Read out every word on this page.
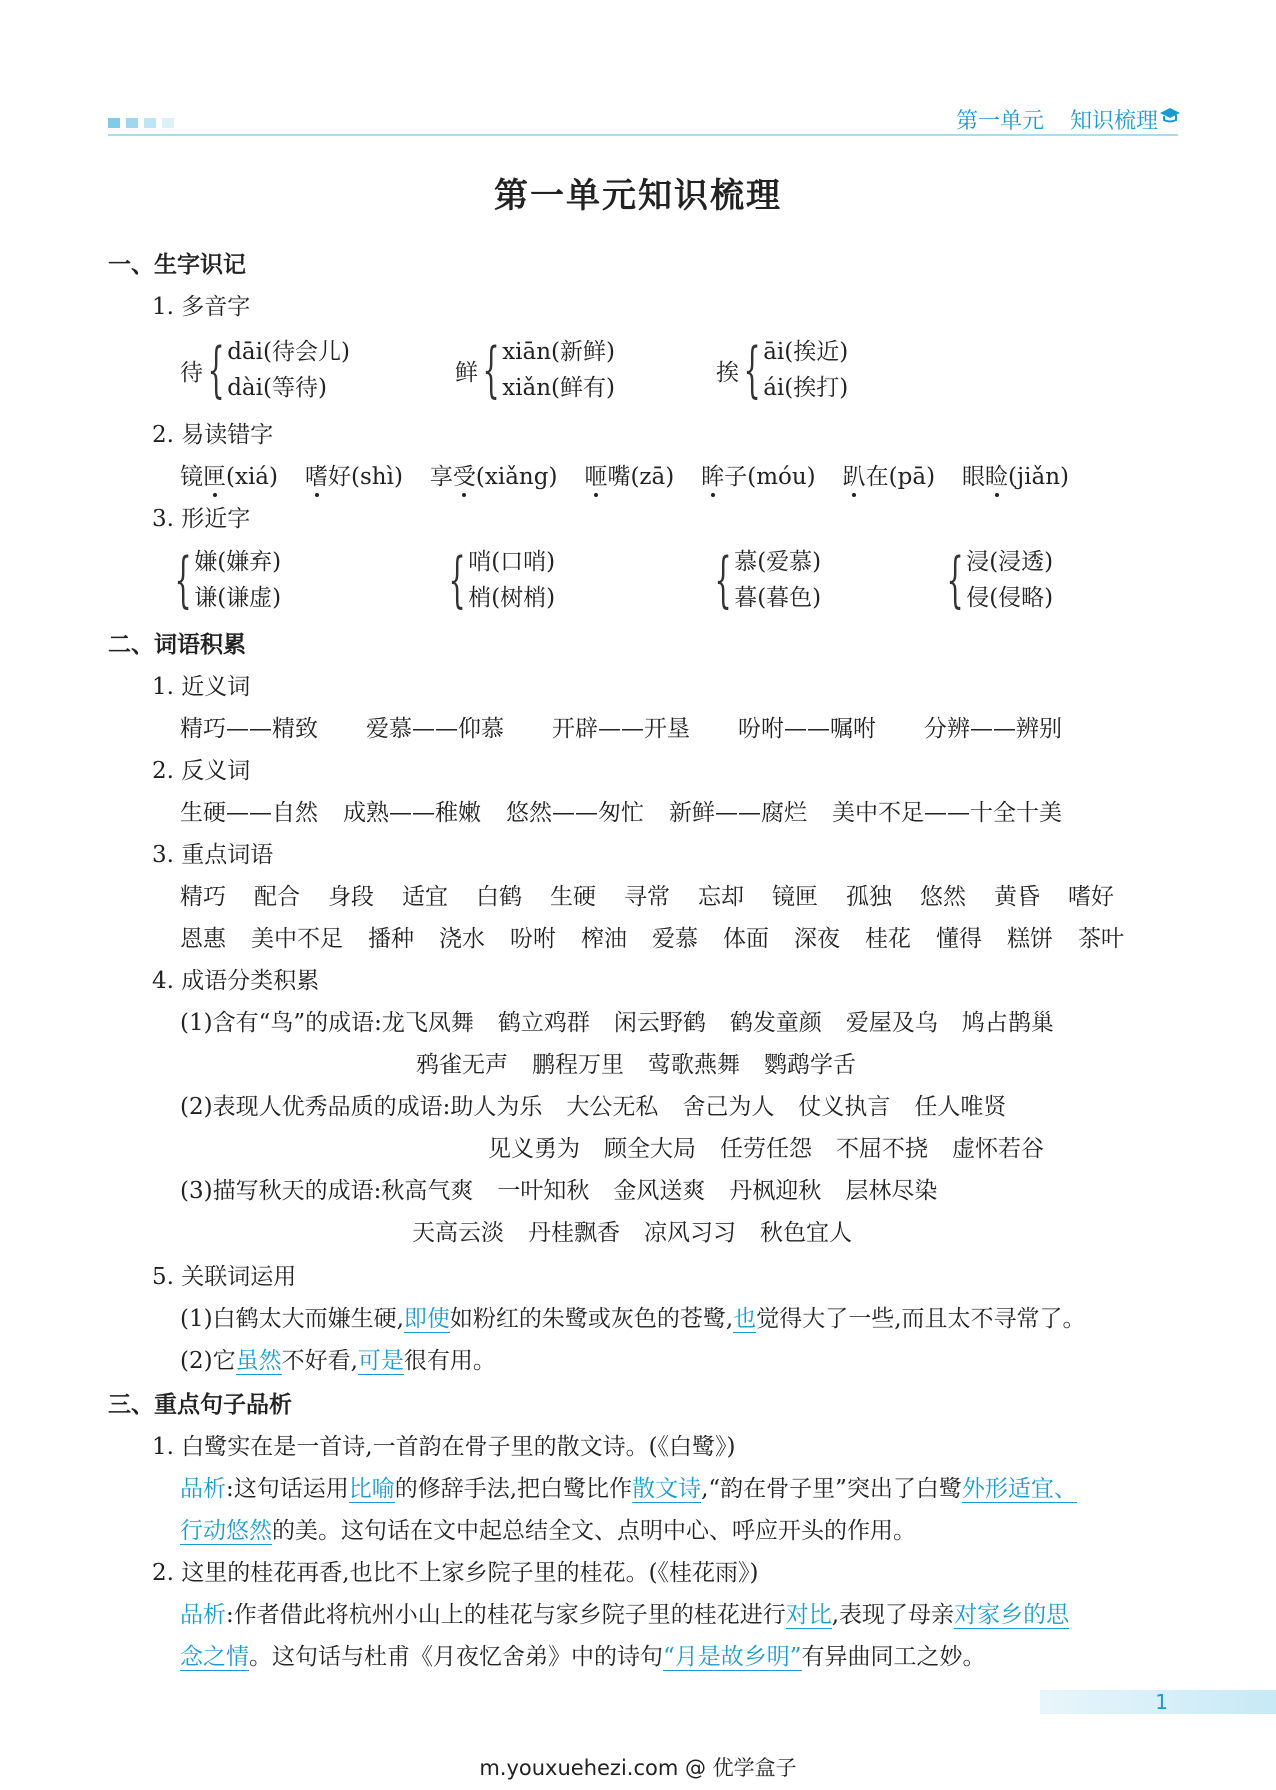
第一单元 知识梳理
第一单元知识梳理
一、生字识记
1. 多音字
待 { dāi(待会儿)
dài(等待)
鲜 { xiān(新鲜)
xiǎn(鲜有)
挨 { āi(挨近)
ái(挨打)
2. 易读错字
镜匣(xiá) 嗜好(shì) 享受(xiǎng) 咂嘴(zā) 眸子(móu) 趴在(pā) 眼睑(jiǎn)
3. 形近字
{ 嫌(嫌弃)
谦(谦虚)	{ 哨(口哨)
梢(树梢)	{ 慕(爱慕)
暮(暮色) { 浸(浸透)
侵(侵略)
二、词语积累
1. 近义词
精巧——精致 爱慕——仰慕 开辟——开垦 吩咐——嘱咐 分辨——辨别
2. 反义词
生硬——自然 成熟——稚嫩 悠然——匆忙 新鲜——腐烂 美中不足——十全十美
3. 重点词语
精巧 配合 身段 适宜 白鹤 生硬 寻常 忘却 镜匣 孤独 悠然 黄昏 嗜好
恩惠 美中不足 播种 浇水 吩咐 榨油 爱慕 体面 深夜 桂花 懂得 糕饼 茶叶
4. 成语分类积累
(1)含有“鸟”的成语: 龙飞凤舞 鹤立鸡群 闲云野鹤 鹤发童颜 爱屋及乌 鸠占鹊巢
鸦雀无声 鹏程万里 莺歌燕舞 鹦鹉学舌
(2)表现人优秀品质的成语: 助人为乐 大公无私 舍己为人 仗义执言 任人唯贤
见义勇为 顾全大局 任劳任怨 不屈不挠 虚怀若谷
(3)描写秋天的成语: 秋高气爽 一叶知秋 金风送爽 丹枫迎秋 层林尽染
天高云淡 丹桂飘香 凉风习习 秋色宜人
5. 关联词运用
(1)白鹤太大而嫌生硬,即使如粉红的朱鹭或灰色的苍鹭,也觉得大了一些,而且太不寻常了。
(2)它虽然不好看,可是很有用。
三、重点句子品析
1. 白鹭实在是一首诗,一首韵在骨子里的散文诗。(《白鹭》)
品析:这句话运用比喻的修辞手法,把白鹭比作散文诗,“韵在骨子里”突出了白鹭外形适宜、
行动悠然的美。这句话在文中起总结全文、点明中心、呼应开头的作用。
2. 这里的桂花再香,也比不上家乡院子里的桂花。(《桂花雨》)
品析:作者借此将杭州小山上的桂花与家乡院子里的桂花进行对比,表现了母亲对家乡的思
念之情。这句话与杜甫《月夜忆舍弟》中的诗句“月是故乡明”有异曲同工之妙。
1
m.youxuehezi.com @ 优学盒子
